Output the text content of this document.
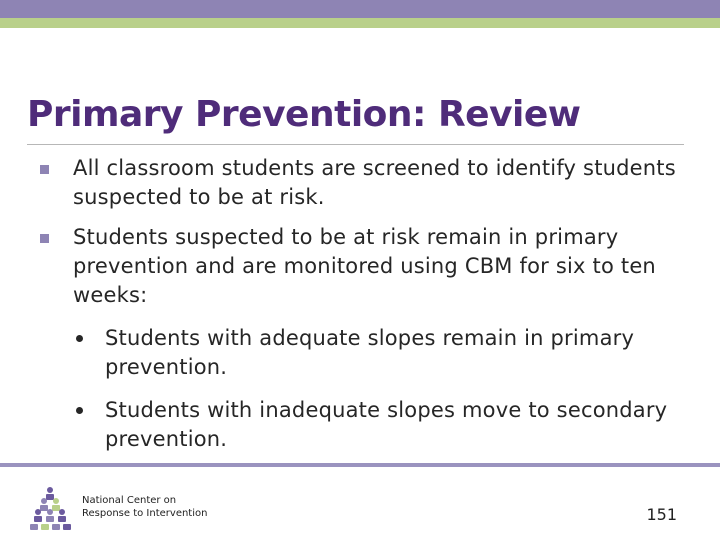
Primary Prevention: Review
All classroom students are screened to identify students suspected to be at risk.
Students suspected to be at risk remain in primary prevention and are monitored using CBM for six to ten weeks:
Students with adequate slopes remain in primary prevention.
Students with inadequate slopes move to secondary prevention.
National Center on
Response to Intervention	151
